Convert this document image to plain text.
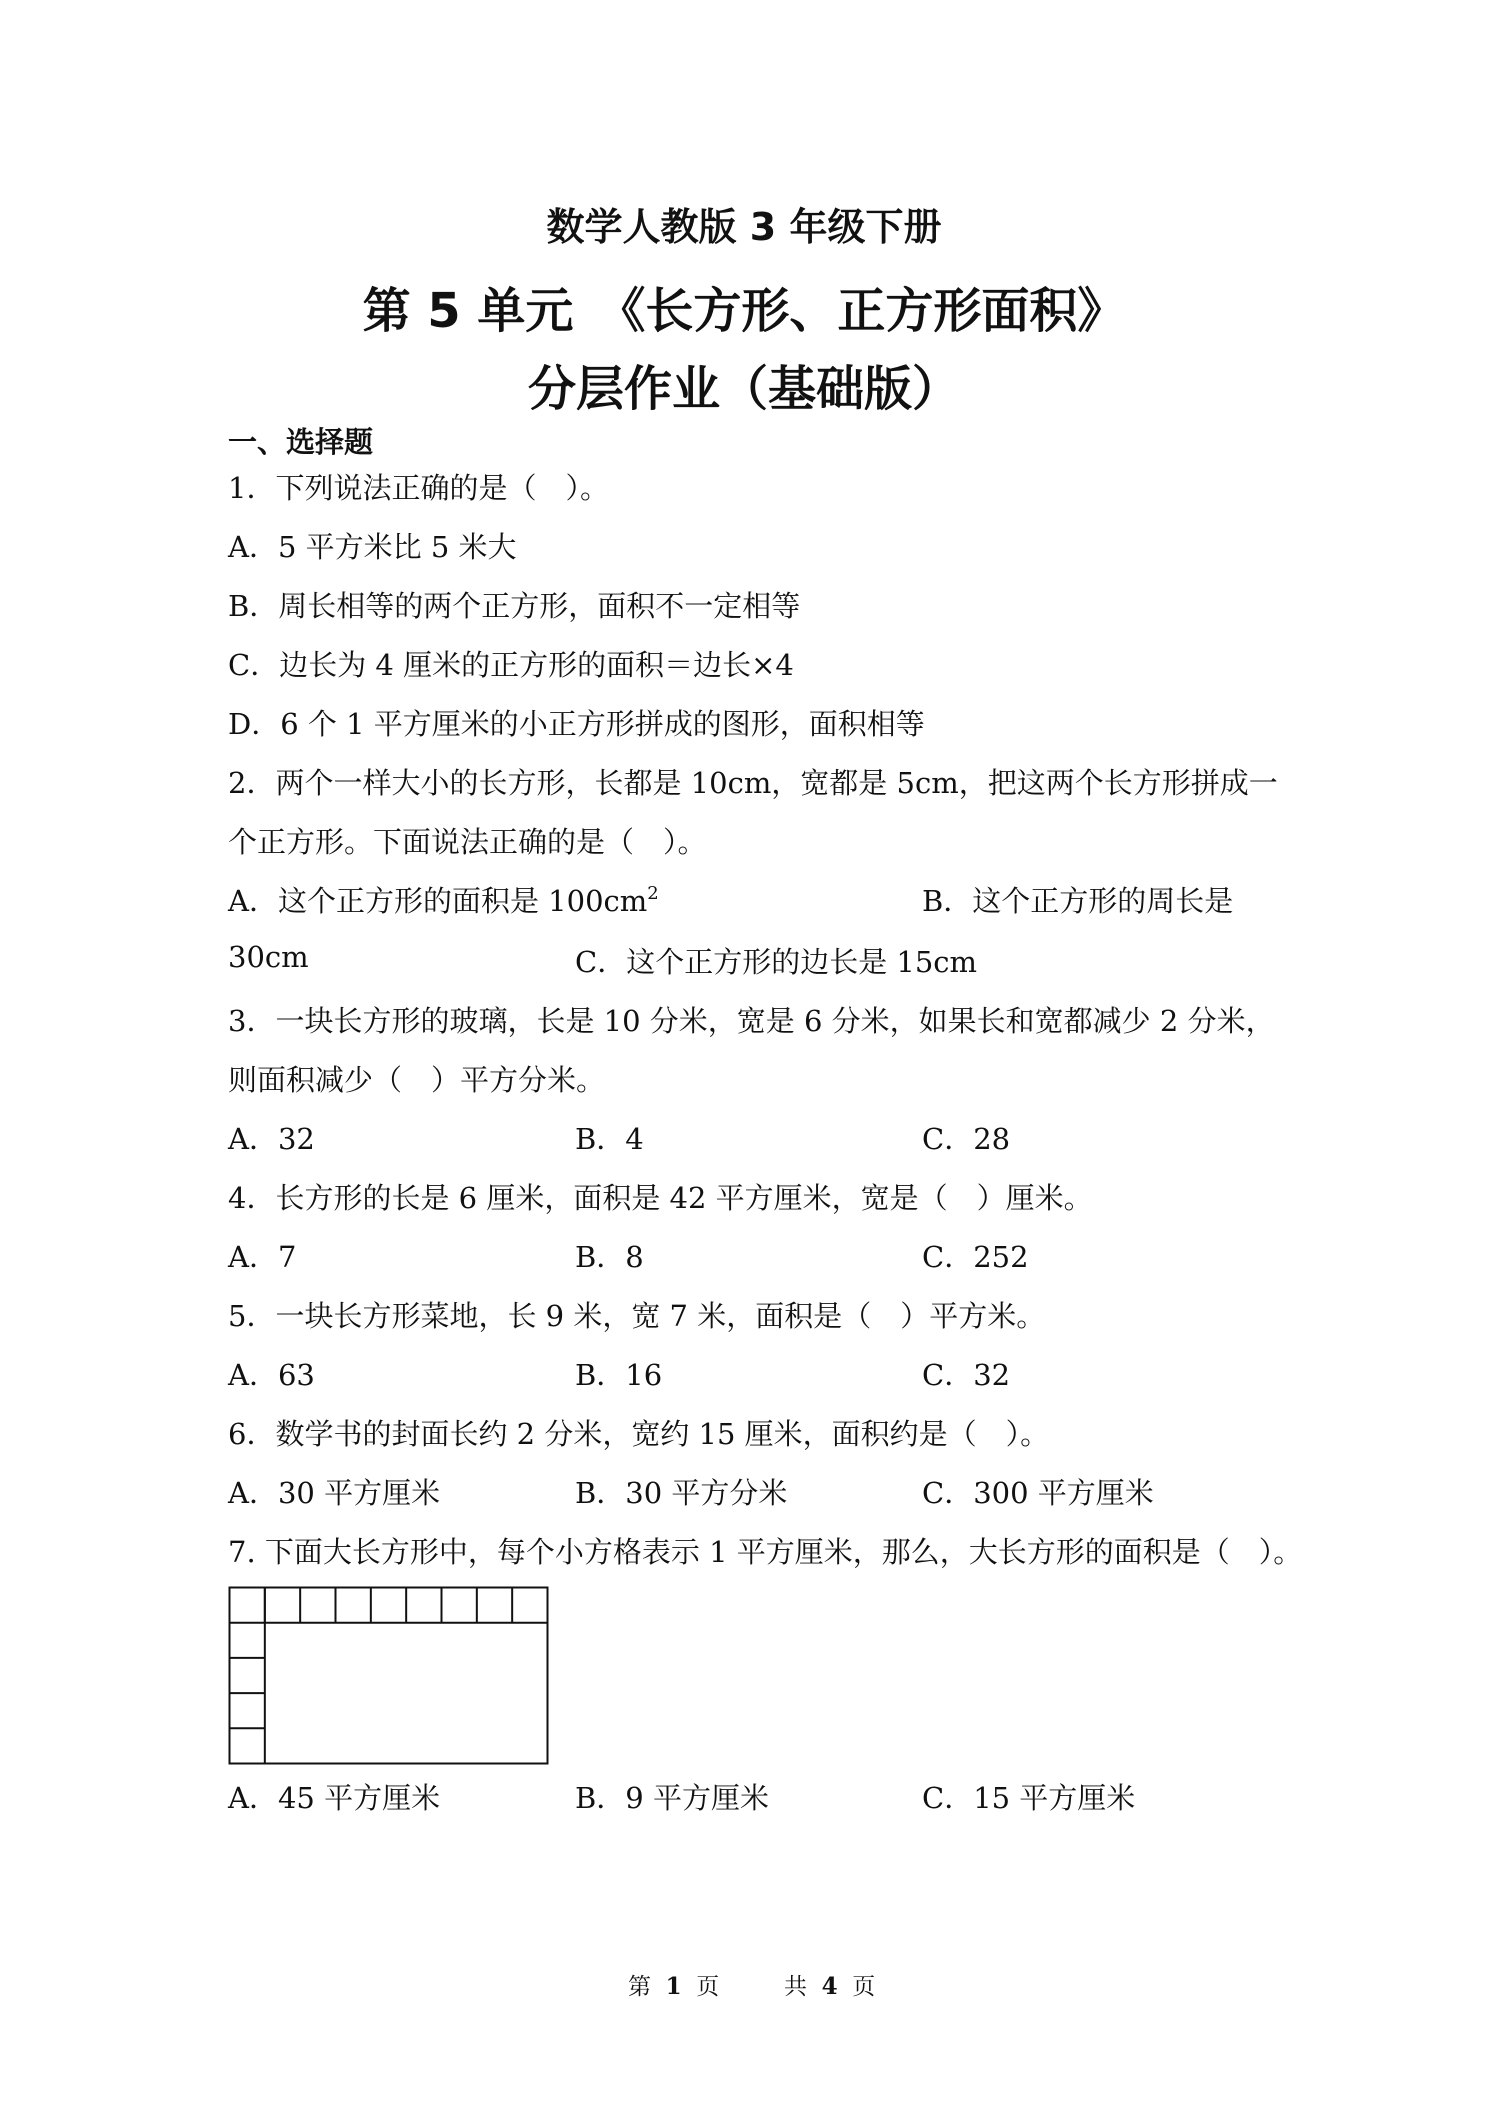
数学人教版 3 年级下册
第 5 单元　《长方形、正方形面积》
分层作业（基础版）
一、选择题
1．下列说法正确的是（　）。
A．5 平方米比 5 米大
B．周长相等的两个正方形，面积不一定相等
C．边长为 4 厘米的正方形的面积＝边长×4
D．6 个 1 平方厘米的小正方形拼成的图形，面积相等
2．两个一样大小的长方形，长都是 10cm，宽都是 5cm，把这两个长方形拼成一
个正方形。下面说法正确的是（　）。
A．这个正方形的面积是 $100cm^2$	B．这个正方形的周长是
30cm	C．这个正方形的边长是 15cm
3．一块长方形的玻璃，长是 10 分米，宽是 6 分米，如果长和宽都减少 2 分米，
则面积减少（　）平方分米。
A．32	B．4	C．28
4．长方形的长是 6 厘米，面积是 42 平方厘米，宽是（　）厘米。
A．7	B．8	C．252
5．一块长方形菜地，长 9 米，宽 7 米，面积是（　）平方米。
A．63	B．16	C．32
6．数学书的封面长约 2 分米，宽约 15 厘米，面积约是（　）。
A．30 平方厘米	B．30 平方分米	C．300 平方厘米
7. 下面大长方形中，每个小方格表示 1 平方厘米，那么，大长方形的面积是（　）。
A．45 平方厘米	B．9 平方厘米	C．15 平方厘米
第 1 页	共 4 页
